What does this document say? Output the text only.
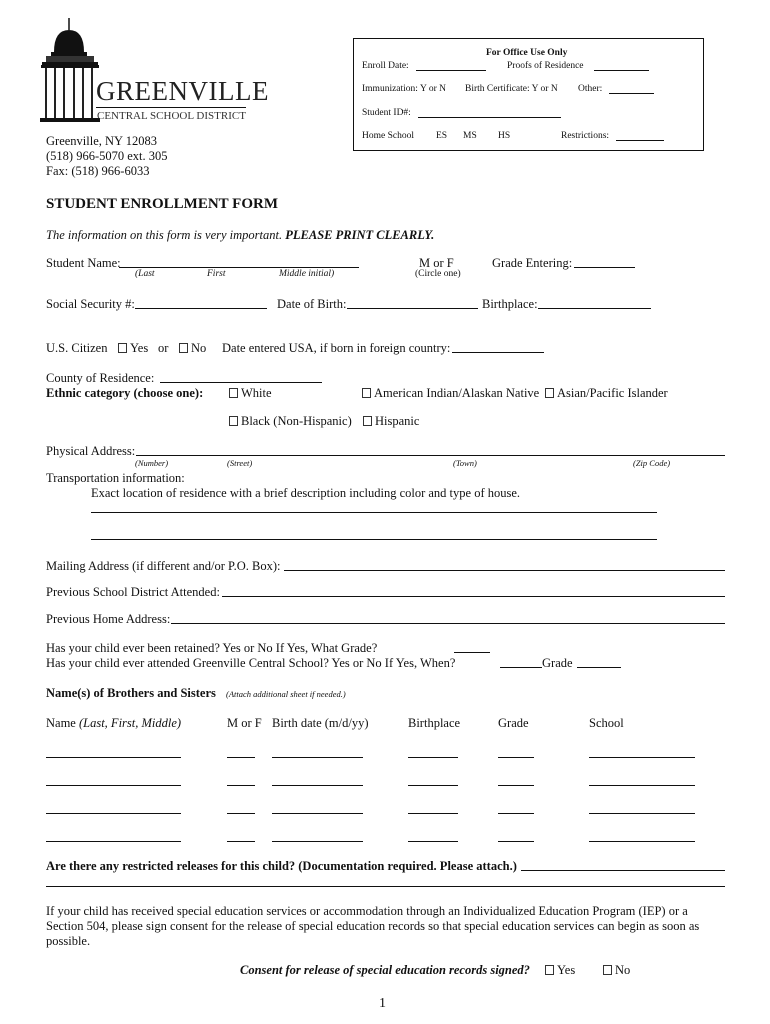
GREENVILLE
CENTRAL SCHOOL DISTRICT
Greenville, NY 12083
(518) 966-5070 ext. 305
Fax: (518) 966-6033
For Office Use Only
Enroll Date:	Proofs of Residence
Immunization: Y or N Birth Certificate: Y or N Other:
Student ID#:
Home School ES MS HS	Restrictions:
STUDENT ENROLLMENT FORM
The information on this form is very important. PLEASE PRINT CLEARLY.
Student Name:
(Last	First	Middle initial)
M or F
(Circle one)
Grade Entering:
Social Security #:	Date of Birth:	Birthplace:
U.S. Citizen	Yes or	No Date entered USA, if born in foreign country:
County of Residence:
Ethnic category (choose one):	White	American Indian/Alaskan Native	Asian/Pacific Islander
Black (Non-Hispanic)	Hispanic
Physical Address:
(Number)	(Street)	(Town)	(Zip Code)
Transportation information:
Exact location of residence with a brief description including color and type of house.
Mailing Address (if different and/or P.O. Box):
Previous School District Attended:
Previous Home Address:
Has your child ever been retained? Yes or No If Yes, What Grade?
Has your child ever attended Greenville Central School? Yes or No If Yes, When?	Grade
Name(s) of Brothers and Sisters (Attach additional sheet if needed.)
Name (Last, First, Middle)	M or F Birth date (m/d/yy)	Birthplace	Grade	School
Are there any restricted releases for this child? (Documentation required. Please attach.)
If your child has received special education services or accommodation through an Individualized Education Program (IEP) or a
Section 504, please sign consent for the release of special education records so that special education services can begin as soon as
possible.
Consent for release of special education records signed?	Yes	No
1
